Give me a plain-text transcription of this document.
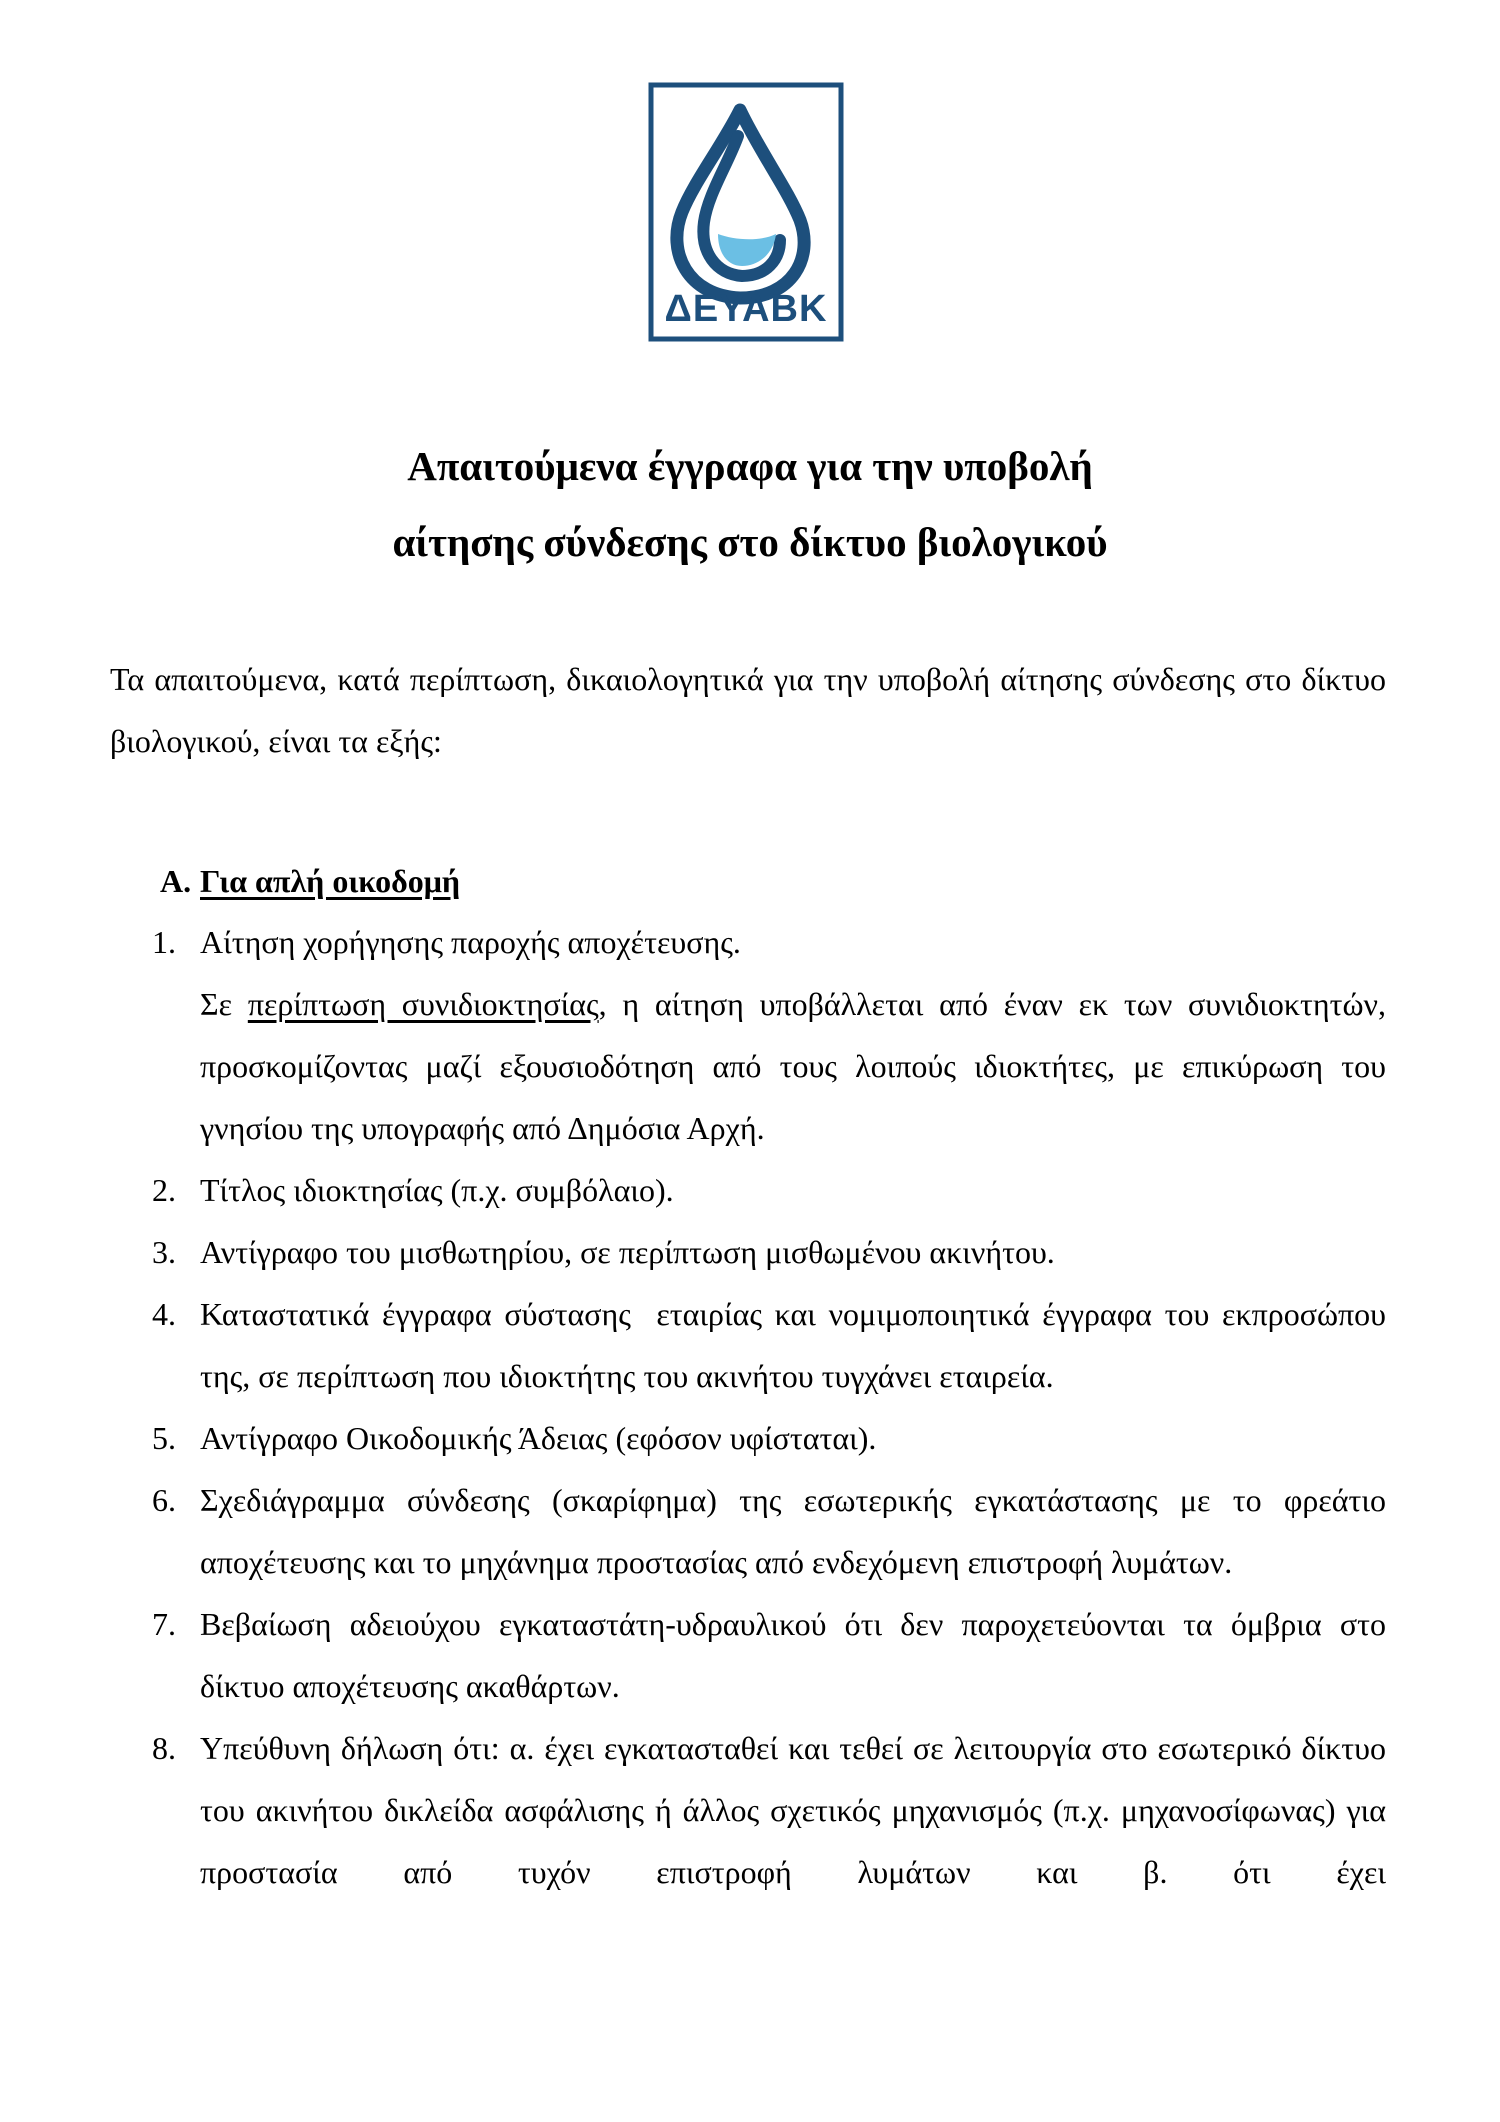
ΔΕΥΑΒΚ
Απαιτούμενα έγγραφα για την υποβολή
αίτησης σύνδεσης στο δίκτυο βιολογικού

Τα απαιτούμενα, κατά περίπτωση, δικαιολογητικά για την υποβολή αίτησης σύνδεσης στο δίκτυο βιολογικού, είναι τα εξής:

Α. Για απλή οικοδομή
1. Αίτηση χορήγησης παροχής αποχέτευσης.

Σε περίπτωση συνιδιοκτησίας, η αίτηση υποβάλλεται από έναν εκ των συνιδιοκτητών, προσκομίζοντας μαζί εξουσιοδότηση από τους λοιπούς ιδιοκτήτες, με επικύρωση του γνησίου της υπογραφής από Δημόσια Αρχή.

2. Τίτλος ιδιοκτησίας (π.χ. συμβόλαιο).

3. Αντίγραφο του μισθωτηρίου, σε περίπτωση μισθωμένου ακινήτου.

4. Καταστατικά έγγραφα σύστασης  εταιρίας και νομιμοποιητικά έγγραφα του εκπροσώπου της, σε περίπτωση που ιδιοκτήτης του ακινήτου τυγχάνει εταιρεία.

5. Αντίγραφο Οικοδομικής Άδειας (εφόσον υφίσταται).

6. Σχεδιάγραμμα σύνδεσης (σκαρίφημα) της εσωτερικής εγκατάστασης με το φρεάτιο αποχέτευσης και το μηχάνημα προστασίας από ενδεχόμενη επιστροφή λυμάτων.

7. Βεβαίωση αδειούχου εγκαταστάτη-υδραυλικού ότι δεν παροχετεύονται τα όμβρια στο δίκτυο αποχέτευσης ακαθάρτων.

8. Υπεύθυνη δήλωση ότι: α. έχει εγκατασταθεί και τεθεί σε λειτουργία στο εσωτερικό δίκτυο του ακινήτου δικλείδα ασφάλισης ή άλλος σχετικός μηχανισμός (π.χ. μηχανοσίφωνας) για προστασία από τυχόν επιστροφή λυμάτων και β. ότι έχει
